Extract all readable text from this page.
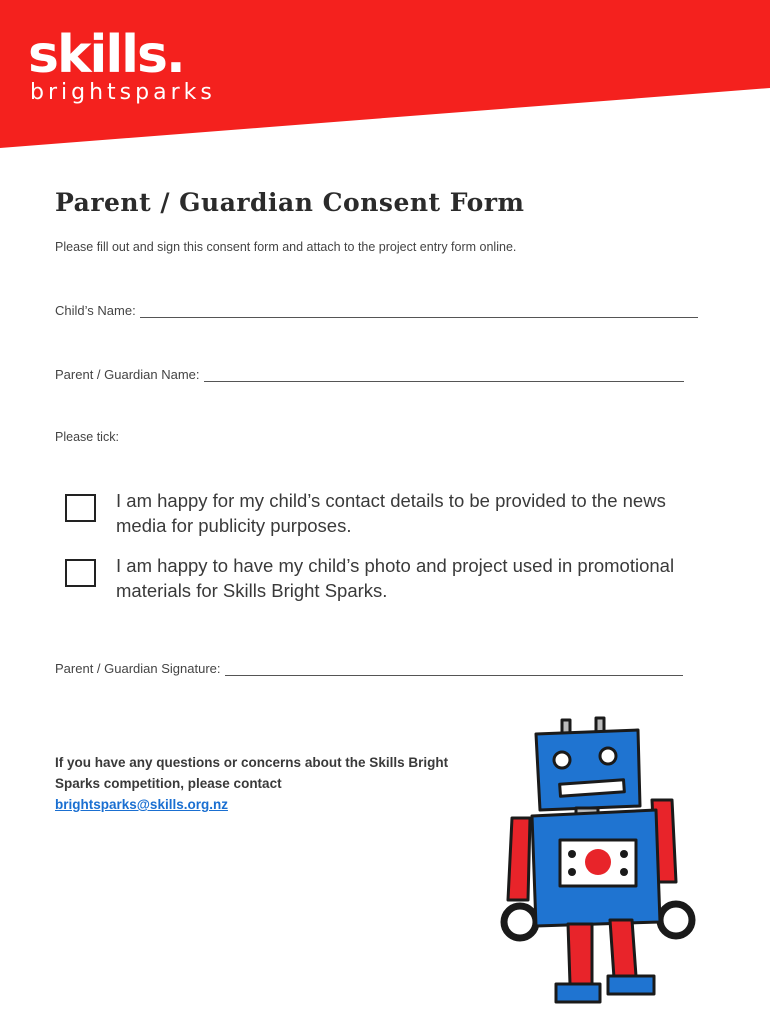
skills.
brightsparks
Parent / Guardian Consent Form
Please fill out and sign this consent form and attach to the project entry form online.
Child’s Name:
Parent / Guardian Name:
Please tick:
I am happy for my child’s contact details to be provided to the news media for publicity purposes.
I am happy to have my child’s photo and project used in promotional materials for Skills Bright Sparks.
Parent / Guardian Signature:
If you have any questions or concerns about the Skills Bright Sparks competition, please contact
brightsparks@skills.org.nz
